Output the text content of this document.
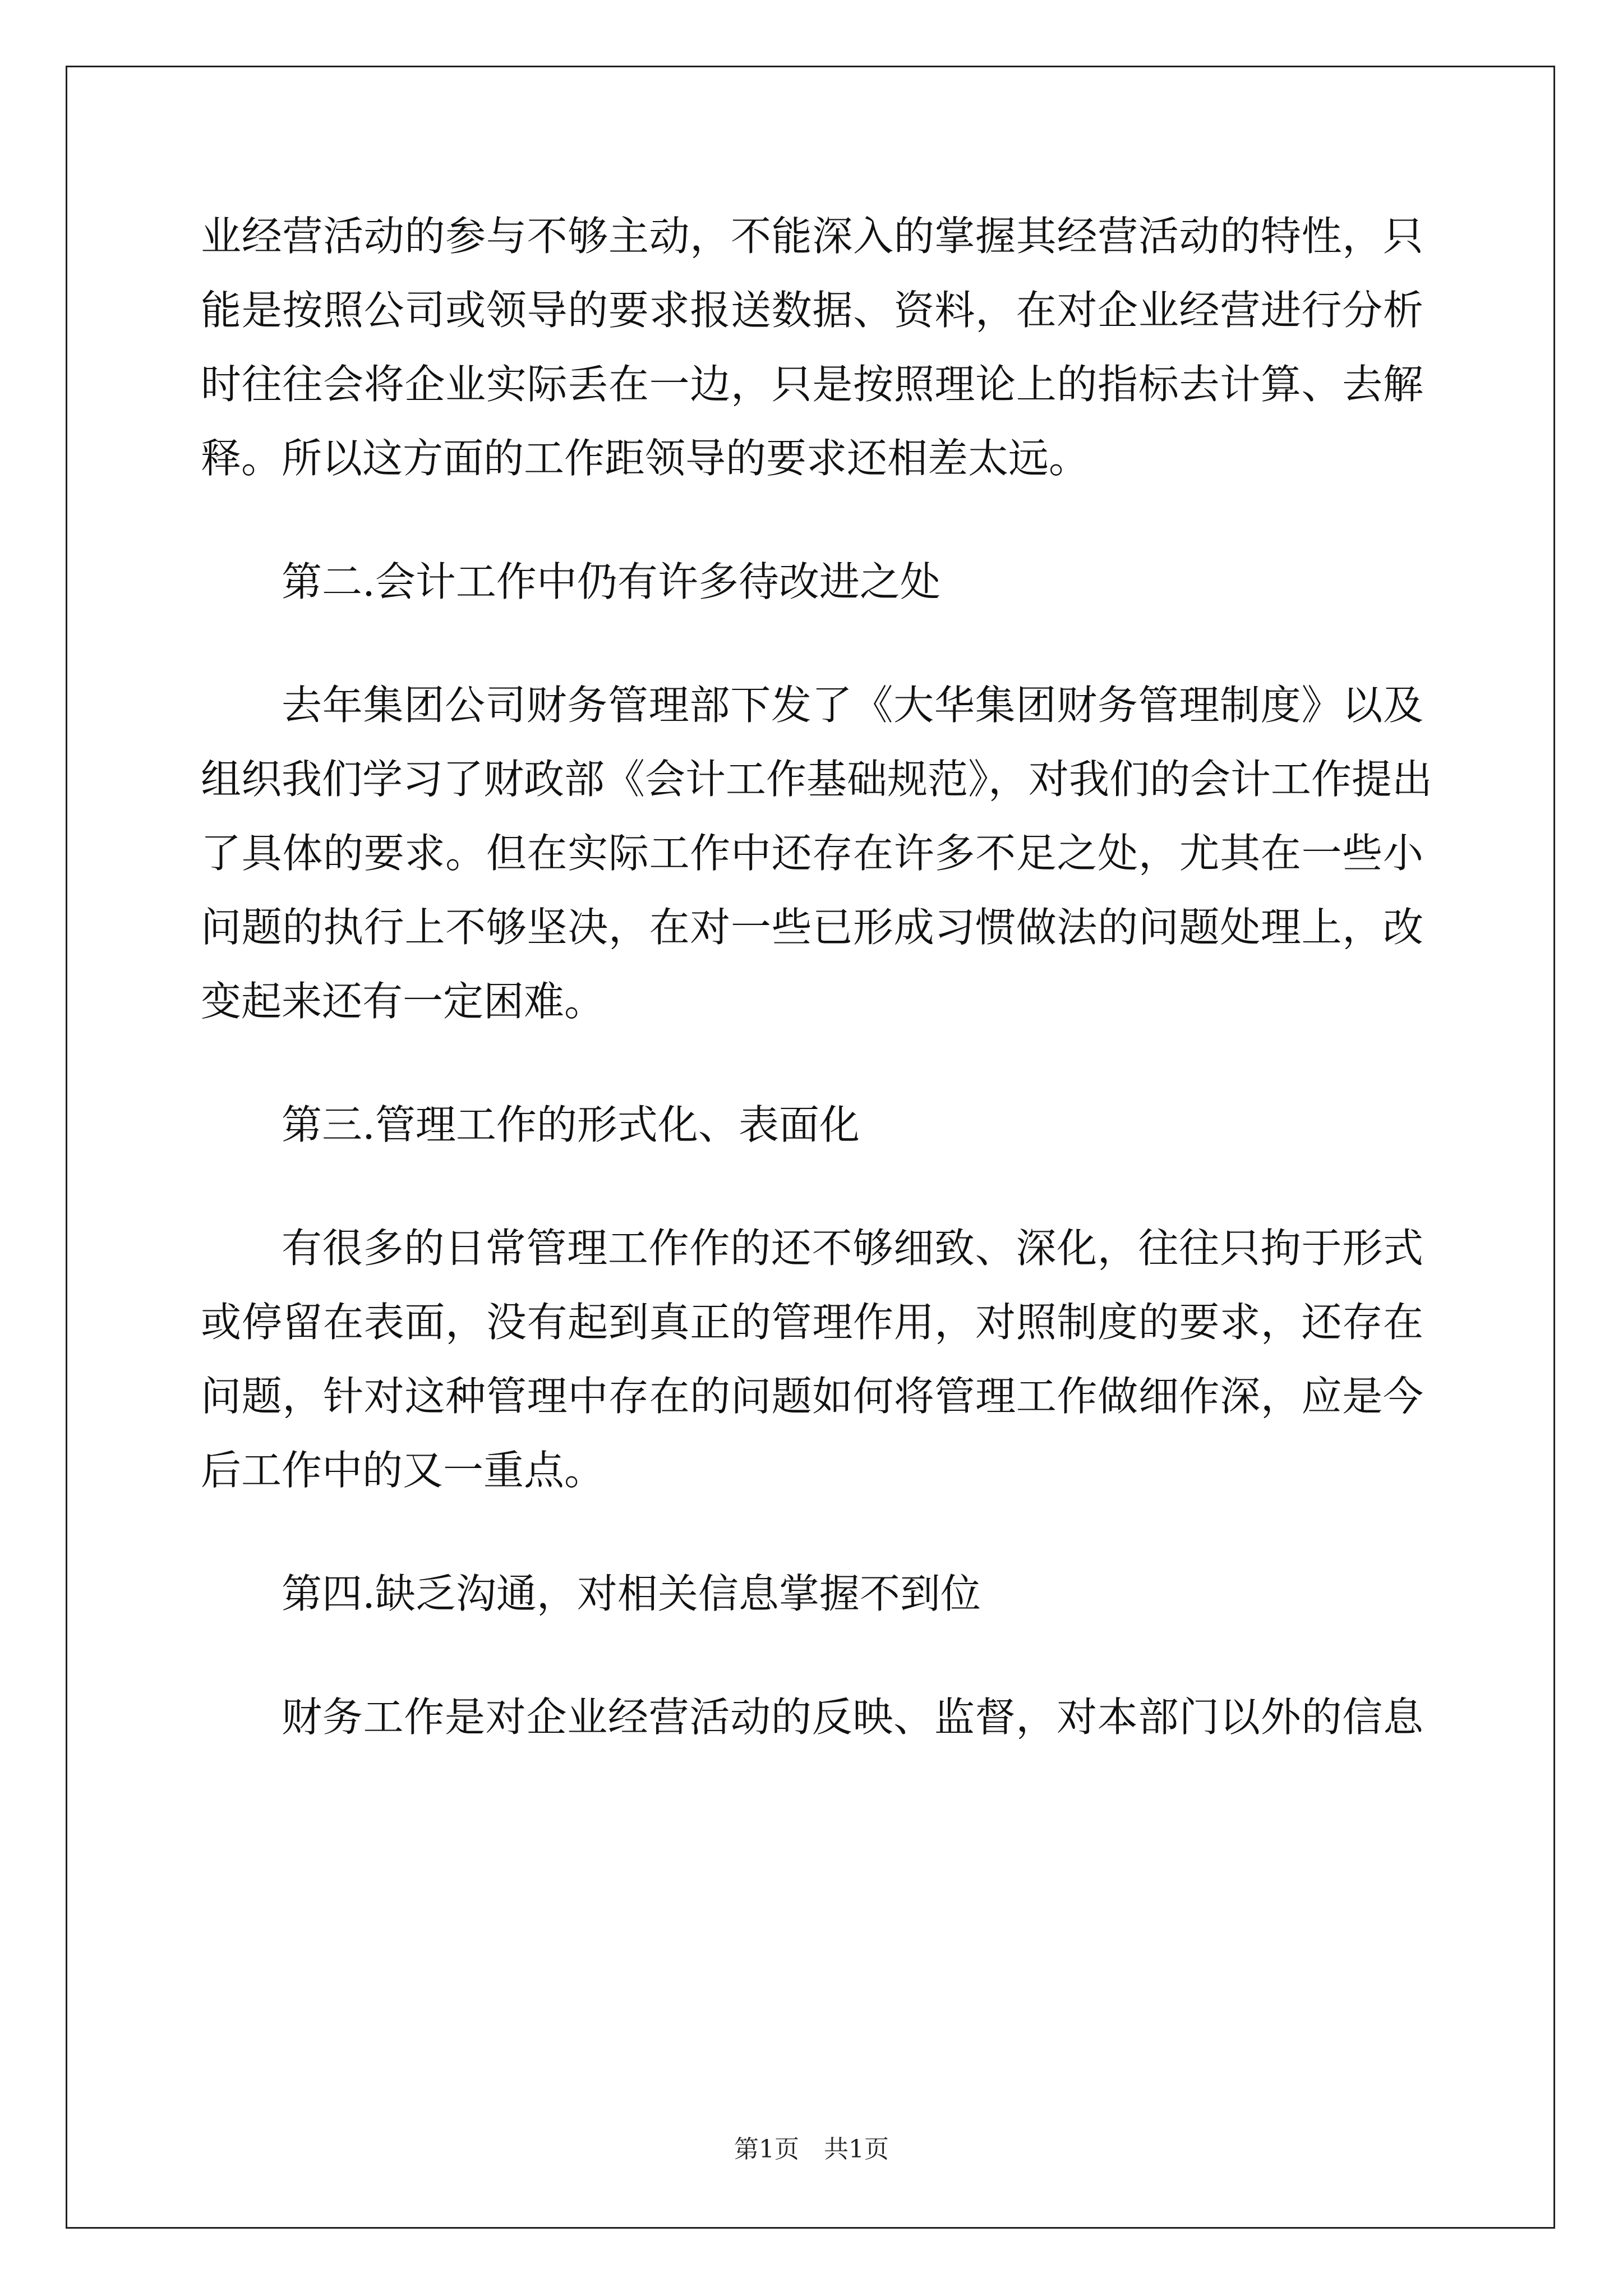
业经营活动的参与不够主动，不能深入的掌握其经营活动的特性，只
能是按照公司或领导的要求报送数据、资料，在对企业经营进行分析
时往往会将企业实际丢在一边，只是按照理论上的指标去计算、去解
释。所以这方面的工作距领导的要求还相差太远。
第二.会计工作中仍有许多待改进之处
去年集团公司财务管理部下发了《大华集团财务管理制度》以及
组织我们学习了财政部《会计工作基础规范》，对我们的会计工作提出
了具体的要求。但在实际工作中还存在许多不足之处，尤其在一些小
问题的执行上不够坚决，在对一些已形成习惯做法的问题处理上，改
变起来还有一定困难。
第三.管理工作的形式化、表面化
有很多的日常管理工作作的还不够细致、深化，往往只拘于形式
或停留在表面，没有起到真正的管理作用，对照制度的要求，还存在
问题，针对这种管理中存在的问题如何将管理工作做细作深，应是今
后工作中的又一重点。
第四.缺乏沟通，对相关信息掌握不到位
财务工作是对企业经营活动的反映、监督，对本部门以外的信息
第1页　共1页
